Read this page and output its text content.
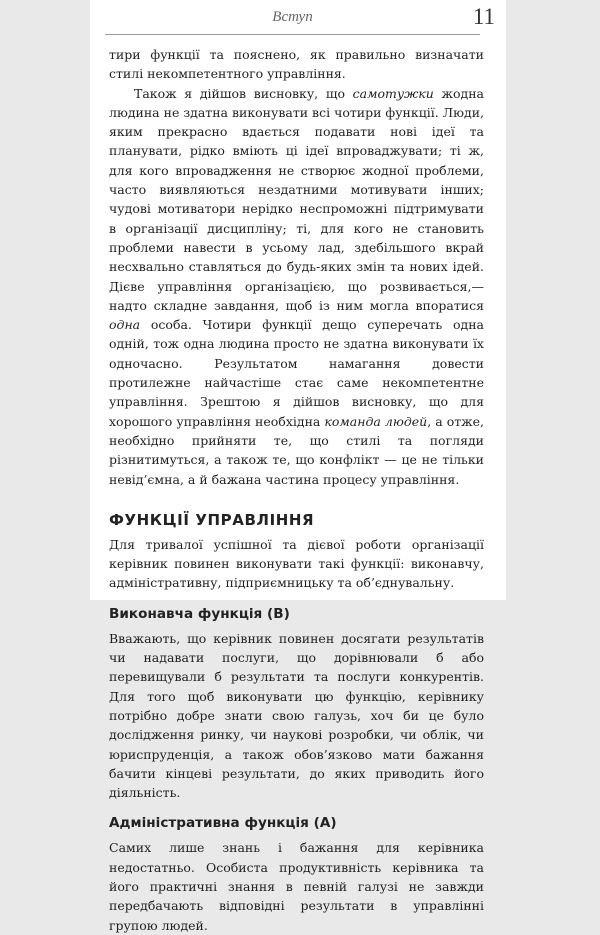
Вступ	11

тири функції та пояснено, як правильно визначати стилі некомпетентного управління.

Також я дійшов висновку, що самотужки жодна людина не здатна виконувати всі чотири функції. Люди, яким прекрасно вдається подавати нові ідеї та планувати, рідко вміють ці ідеї впроваджувати; ті ж, для кого впровадження не створює жодної проблеми, часто виявляються нездатними мотивувати інших; чудові мотиватори нерідко неспроможні підтримувати в організації дисципліну; ті, для кого не становить проблеми навести в усьому лад, здебільшого вкрай несхвально ставляться до будь-яких змін та нових ідей. Дієве управління організацією, що розвивається,— надто складне завдання, щоб із ним могла впоратися одна особа. Чотири функції дещо суперечать одна одній, тож одна людина просто не здатна виконувати їх одночасно. Результатом намагання довести протилежне найчастіше стає саме некомпетентне управління. Зрештою я дійшов висновку, що для хорошого управління необхідна команда людей, а отже, необхідно прийняти те, що стилі та погляди різнитимуться, а також те, що конфлікт — це не тільки невід’ємна, а й бажана частина процесу управління.

ФУНКЦІЇ УПРАВЛІННЯ

Для тривалої успішної та дієвої роботи організації керівник повинен виконувати такі функції: виконавчу, адміністративну, підприємницьку та об’єднувальну.

Виконавча функція (В)

Вважають, що керівник повинен досягати результатів чи надавати послуги, що дорівнювали б або перевищували б результати та послуги конкурентів. Для того щоб виконувати цю функцію, керівнику потрібно добре знати свою галузь, хоч би це було дослідження ринку, чи наукові розробки, чи облік, чи юриспруденція, а також обов’язково мати бажання бачити кінцеві результати, до яких приводить його діяльність.

Адміністративна функція (А)

Самих лише знань і бажання для керівника недостатньо. Особиста продуктивність керівника та його практичні знання в певній галузі не завжди передбачають відповідні результати в управлінні групою людей.
